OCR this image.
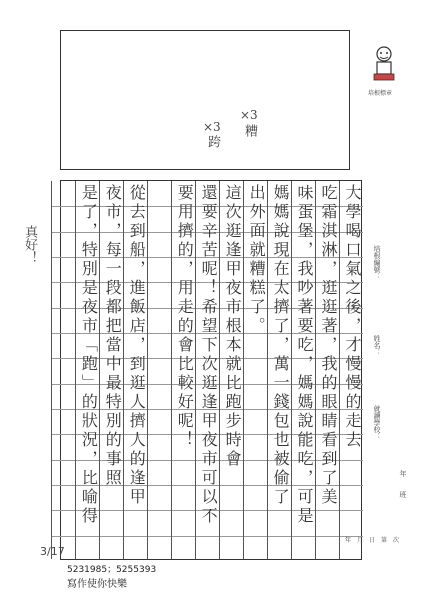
培根標章
大學喝口氣之後，才慢慢的走去
吃霜淇淋，逛逛著，我的眼睛看到了美
味蛋堡，我吵著要吃，媽媽說能吃，可是
媽媽說現在太擠了，萬一錢包也被偷了
出外面就糟糕了。
這次逛逢甲夜市根本就比跑步時會
還要辛苦呢！希望下次逛逢甲夜市可以不
要用擠的，用走的會比較好呢！
從去到船，進飯店，到逛人擠人的逢甲
夜市，每一段都把當中最特別的事照
是了，特別是夜市「跑」的狀況，比喻得	培根編號：
姓名：
就讀學校：
年　　班
年　月　日　第　次
×3
跨
×3
糟
真好！
3/17
5231985；5255393
寫作使你快樂
